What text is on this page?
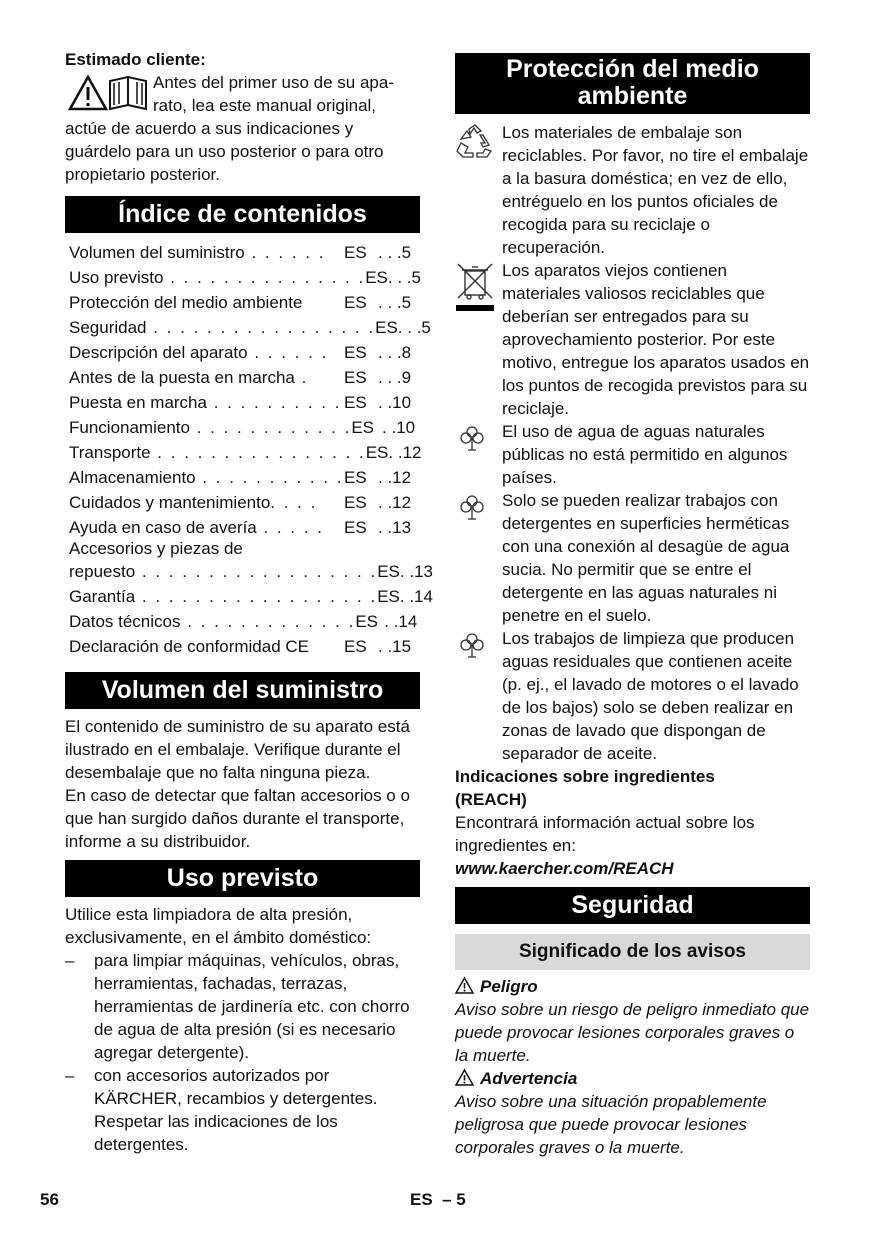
Estimado cliente:
Antes del primer uso de su apa-
rato, lea este manual original,
actúe de acuerdo a sus indicaciones y guárdelo para un uso posterior o para otro propietario posterior.
Índice de contenidos
Volumen del suministro . . . . . .	ES . . .5
Uso previsto . . . . . . . . . . . . . . . ES . . .5
Protección del medio ambiente	ES . . .5
Seguridad . . . . . . . . . . . . . . . . . ES . . .5
Descripción del aparato . . . . . . ES . . .8
Antes de la puesta en marcha .	ES . . .9
Puesta en marcha . . . . . . . . . . ES . .10
Funcionamiento . . . . . . . . . . . . ES . .10
Transporte . . . . . . . . . . . . . . . . ES . .12
Almacenamiento . . . . . . . . . . . ES . .12
Cuidados y mantenimiento. . . .	ES . .12
Ayuda en caso de avería . . . . .	ES . .13
Accesorios y piezas de
repuesto . . . . . . . . . . . . . . . . . . ES . .13
Garantía . . . . . . . . . . . . . . . . . . ES . .14
Datos técnicos . . . . . . . . . . . . . ES . .14
Declaración de conformidad CE	ES . .15
Volumen del suministro
El contenido de suministro de su aparato está ilustrado en el embalaje. Verifique durante el desembalaje que no falta ninguna pieza.
En caso de detectar que faltan accesorios o o que han surgido daños durante el transporte, informe a su distribuidor.
Uso previsto
Utilice esta limpiadora de alta presión, exclusivamente, en el ámbito doméstico:
– para limpiar máquinas, vehículos, obras, herramientas, fachadas, terrazas, herramientas de jardinería etc. con chorro de agua de alta presión (si es necesario agregar detergente).
– con accesorios autorizados por KÄRCHER, recambios y detergentes. Respetar las indicaciones de los detergentes.
Protección del medio
ambiente
Los materiales de embalaje son reciclables. Por favor, no tire el embalaje a la basura doméstica; en vez de ello, entréguelo en los puntos oficiales de recogida para su reciclaje o recuperación.
Los aparatos viejos contienen materiales valiosos reciclables que deberían ser entregados para su aprovechamiento posterior. Por este motivo, entregue los aparatos usados en los puntos de recogida previstos para su reciclaje.
El uso de agua de aguas naturales públicas no está permitido en algunos países.
Solo se pueden realizar trabajos con detergentes en superficies herméticas con una conexión al desagüe de agua sucia. No permitir que se entre el detergente en las aguas naturales ni penetre en el suelo.
Los trabajos de limpieza que producen aguas residuales que contienen aceite (p. ej., el lavado de motores o el lavado de los bajos) solo se deben realizar en zonas de lavado que dispongan de separador de aceite.
Indicaciones sobre ingredientes
(REACH)
Encontrará información actual sobre los ingredientes en:
www.kaercher.com/REACH
Seguridad
Significado de los avisos
Peligro
Aviso sobre un riesgo de peligro inmediato que puede provocar lesiones corporales graves o la muerte.
Advertencia
Aviso sobre una situación propablemente peligrosa que puede provocar lesiones corporales graves o la muerte.
56	ES  – 5
